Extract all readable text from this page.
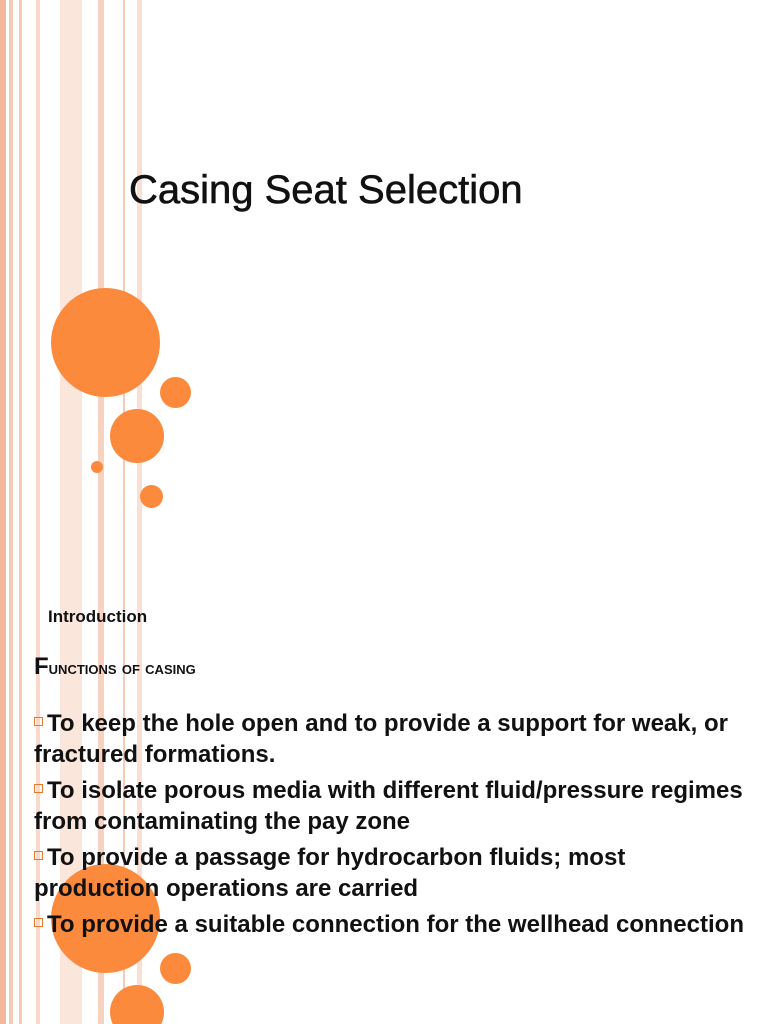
Casing Seat Selection
Introduction
Functions of casing
To keep the hole open and to provide a support for weak, or fractured formations.
To isolate porous media with different fluid/pressure regimes from contaminating the pay zone
To provide a passage for hydrocarbon fluids; most production operations are carried
To provide a suitable connection for the wellhead connection
